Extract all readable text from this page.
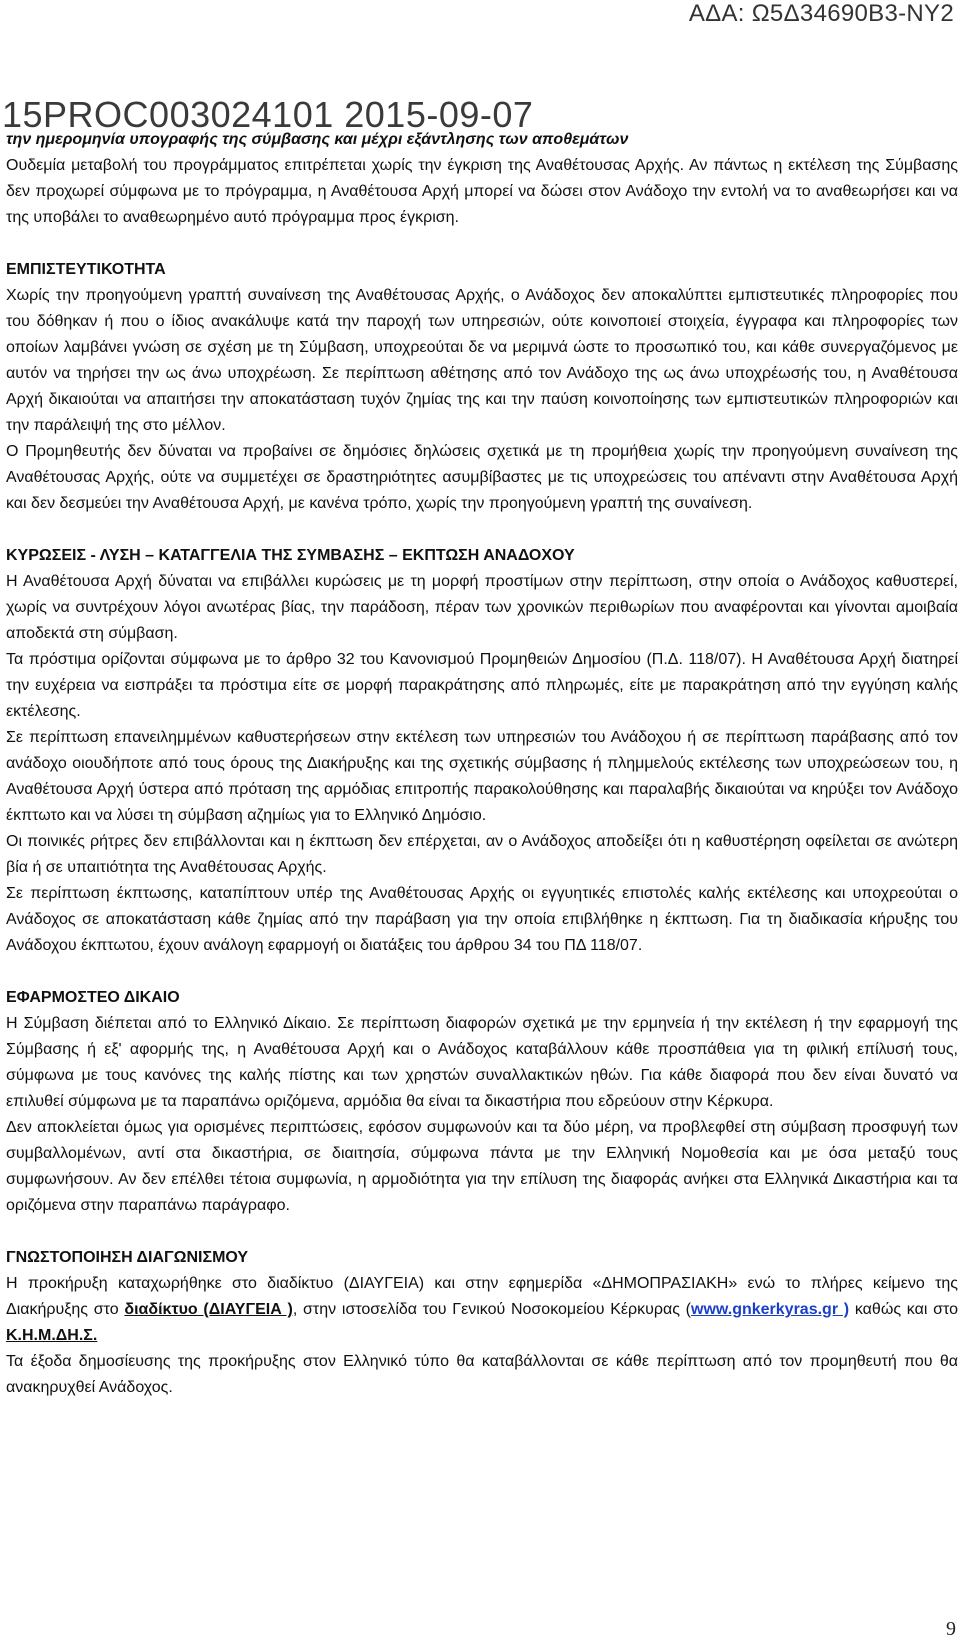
ΑΔΑ: Ω5Δ34690Β3-ΝΥ2
15PROC003024101 2015-09-07

την ημερομηνία υπογραφής της σύμβασης και μέχρι εξάντλησης των αποθεμάτων

Ουδεμία μεταβολή του προγράμματος επιτρέπεται χωρίς την έγκριση της Αναθέτουσας Αρχής. Αν πάντως η εκτέλεση της Σύμβασης δεν προχωρεί σύμφωνα με το πρόγραμμα, η Αναθέτουσα Αρχή μπορεί να δώσει στον Ανάδοχο την εντολή να το αναθεωρήσει και να της υποβάλει το αναθεωρημένο αυτό πρόγραμμα προς έγκριση.

ΕΜΠΙΣΤΕΥΤΙΚΟΤΗΤΑ

Χωρίς την προηγούμενη γραπτή συναίνεση της Αναθέτουσας Αρχής, ο Ανάδοχος δεν αποκαλύπτει εμπιστευτικές πληροφορίες που του δόθηκαν ή που ο ίδιος ανακάλυψε κατά την παροχή των υπηρεσιών, ούτε κοινοποιεί στοιχεία, έγγραφα και πληροφορίες των οποίων λαμβάνει γνώση σε σχέση με τη Σύμβαση, υποχρεούται δε να μεριμνά ώστε το προσωπικό του, και κάθε συνεργαζόμενος με αυτόν να τηρήσει την ως άνω υποχρέωση. Σε περίπτωση αθέτησης από τον Ανάδοχο της ως άνω υποχρέωσής του, η Αναθέτουσα Αρχή δικαιούται να απαιτήσει την αποκατάσταση τυχόν ζημίας της και την παύση κοινοποίησης των εμπιστευτικών πληροφοριών και την παράλειψή της στο μέλλον.

Ο Προμηθευτής δεν δύναται να προβαίνει σε δημόσιες δηλώσεις σχετικά με τη προμήθεια χωρίς την προηγούμενη συναίνεση της Αναθέτουσας Αρχής, ούτε να συμμετέχει σε δραστηριότητες ασυμβίβαστες με τις υποχρεώσεις του απέναντι στην Αναθέτουσα Αρχή και δεν δεσμεύει την Αναθέτουσα Αρχή, με κανένα τρόπο, χωρίς την προηγούμενη γραπτή της συναίνεση.

ΚΥΡΩΣΕΙΣ - ΛΥΣΗ – ΚΑΤΑΓΓΕΛΙΑ ΤΗΣ ΣΥΜΒΑΣΗΣ – ΕΚΠΤΩΣΗ ΑΝΑΔΟΧΟΥ

Η Αναθέτουσα Αρχή δύναται να επιβάλλει κυρώσεις με τη μορφή προστίμων στην περίπτωση, στην οποία ο Ανάδοχος καθυστερεί, χωρίς να συντρέχουν λόγοι ανωτέρας βίας, την παράδοση, πέραν των χρονικών περιθωρίων που αναφέρονται και γίνονται αμοιβαία αποδεκτά στη σύμβαση.

Τα πρόστιμα ορίζονται σύμφωνα με το άρθρο 32 του Κανονισμού Προμηθειών Δημοσίου (Π.Δ. 118/07). Η Αναθέτουσα Αρχή διατηρεί την ευχέρεια να εισπράξει τα πρόστιμα είτε σε μορφή παρακράτησης από πληρωμές, είτε με παρακράτηση από την εγγύηση καλής εκτέλεσης.

Σε περίπτωση επανειλημμένων καθυστερήσεων στην εκτέλεση των υπηρεσιών του Ανάδοχου ή σε περίπτωση παράβασης από τον ανάδοχο οιουδήποτε από τους όρους της Διακήρυξης και της σχετικής σύμβασης ή πλημμελούς εκτέλεσης των υποχρεώσεων του, η Αναθέτουσα Αρχή ύστερα από πρόταση της αρμόδιας επιτροπής παρακολούθησης και παραλαβής δικαιούται να κηρύξει τον Ανάδοχο έκπτωτο και να λύσει τη σύμβαση αζημίως για το Ελληνικό Δημόσιο.

Οι ποινικές ρήτρες δεν επιβάλλονται και η έκπτωση δεν επέρχεται, αν ο Ανάδοχος αποδείξει ότι η καθυστέρηση οφείλεται σε ανώτερη βία ή σε υπαιτιότητα της Αναθέτουσας Αρχής.

Σε περίπτωση έκπτωσης, καταπίπτουν υπέρ της Αναθέτουσας Αρχής οι εγγυητικές επιστολές καλής εκτέλεσης και υποχρεούται ο Ανάδοχος σε αποκατάσταση κάθε ζημίας από την παράβαση για την οποία επιβλήθηκε η έκπτωση. Για τη διαδικασία κήρυξης του Ανάδοχου έκπτωτου, έχουν ανάλογη εφαρμογή οι διατάξεις του άρθρου 34 του ΠΔ 118/07.

ΕΦΑΡΜΟΣΤΕΟ ΔΙΚΑΙΟ

Η Σύμβαση διέπεται από το Ελληνικό Δίκαιο. Σε περίπτωση διαφορών σχετικά με την ερμηνεία ή την εκτέλεση ή την εφαρμογή της Σύμβασης ή εξ' αφορμής της, η Αναθέτουσα Αρχή και ο Ανάδοχος καταβάλλουν κάθε προσπάθεια για τη φιλική επίλυσή τους, σύμφωνα με τους κανόνες της καλής πίστης και των χρηστών συναλλακτικών ηθών. Για κάθε διαφορά που δεν είναι δυνατό να επιλυθεί σύμφωνα με τα παραπάνω οριζόμενα, αρμόδια θα είναι τα δικαστήρια που εδρεύουν στην Κέρκυρα.

Δεν αποκλείεται όμως για ορισμένες περιπτώσεις, εφόσον συμφωνούν και τα δύο μέρη, να προβλεφθεί στη σύμβαση προσφυγή των συμβαλλομένων, αντί στα δικαστήρια, σε διαιτησία, σύμφωνα πάντα με την Ελληνική Νομοθεσία και με όσα μεταξύ τους συμφωνήσουν. Αν δεν επέλθει τέτοια συμφωνία, η αρμοδιότητα για την επίλυση της διαφοράς ανήκει στα Ελληνικά Δικαστήρια και τα οριζόμενα στην παραπάνω παράγραφο.

ΓΝΩΣΤΟΠΟΙΗΣΗ ΔΙΑΓΩΝΙΣΜΟΥ

Η προκήρυξη καταχωρήθηκε στο διαδίκτυο (ΔΙΑΥΓΕΙΑ) και στην εφημερίδα «ΔΗΜΟΠΡΑΣΙΑΚΗ» ενώ το πλήρες κείμενο της Διακήρυξης στο διαδίκτυο (ΔΙΑΥΓΕΙΑ ), στην ιστοσελίδα του Γενικού Νοσοκομείου Κέρκυρας (www.gnkerkyras.gr ) καθώς και στο Κ.Η.Μ.ΔΗ.Σ.

Τα έξοδα δημοσίευσης της προκήρυξης στον Ελληνικό τύπο θα καταβάλλονται σε κάθε περίπτωση από τον προμηθευτή που θα ανακηρυχθεί Ανάδοχος.

9
